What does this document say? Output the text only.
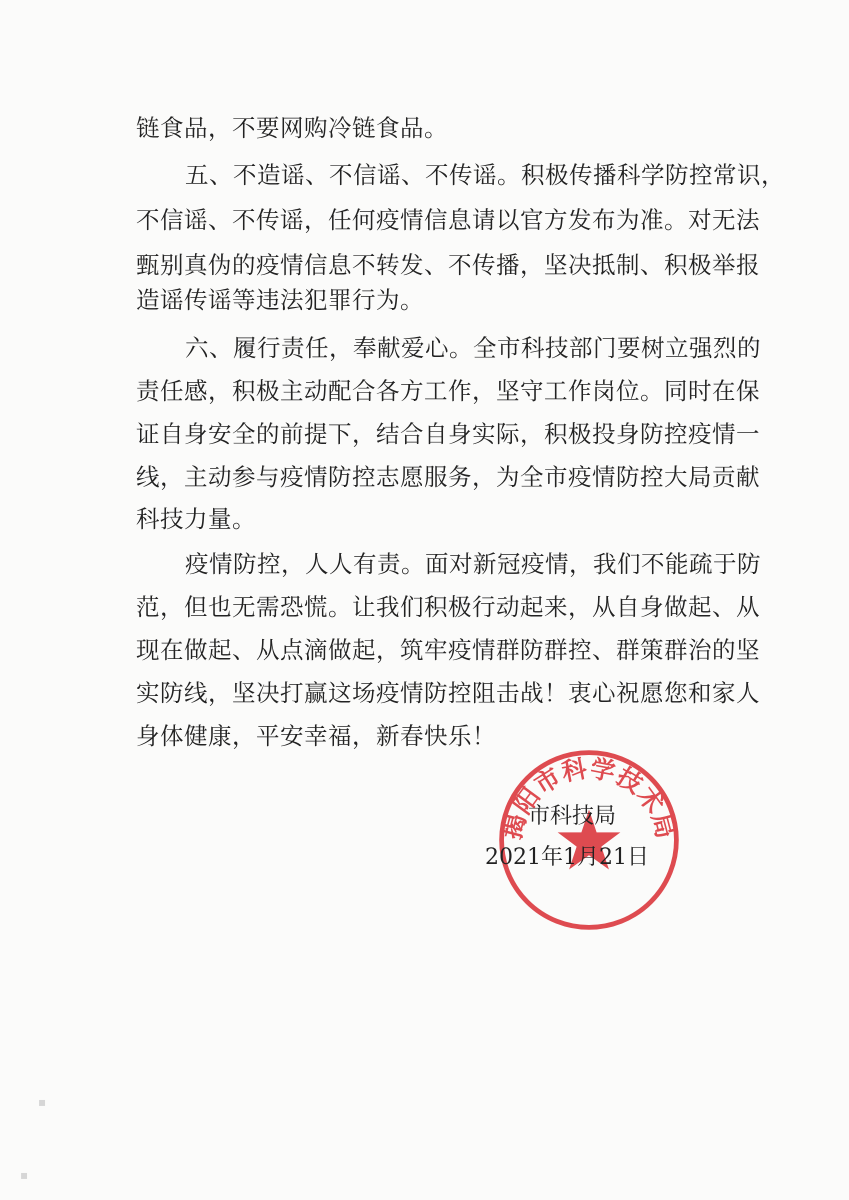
链食品，不要网购冷链食品。
五、不造谣、不信谣、不传谣。积极传播科学防控常识，
不信谣、不传谣，任何疫情信息请以官方发布为准。对无法
甄别真伪的疫情信息不转发、不传播，坚决抵制、积极举报
造谣传谣等违法犯罪行为。
六、履行责任，奉献爱心。全市科技部门要树立强烈的
责任感，积极主动配合各方工作，坚守工作岗位。同时在保
证自身安全的前提下，结合自身实际，积极投身防控疫情一
线，主动参与疫情防控志愿服务，为全市疫情防控大局贡献
科技力量。
疫情防控，人人有责。面对新冠疫情，我们不能疏于防
范，但也无需恐慌。让我们积极行动起来，从自身做起、从
现在做起、从点滴做起，筑牢疫情群防群控、群策群治的坚
实防线，坚决打赢这场疫情防控阻击战！衷心祝愿您和家人
身体健康，平安幸福，新春快乐！
揭阳市科学技术局
市科技局
2021年1月21日
▪
▪
